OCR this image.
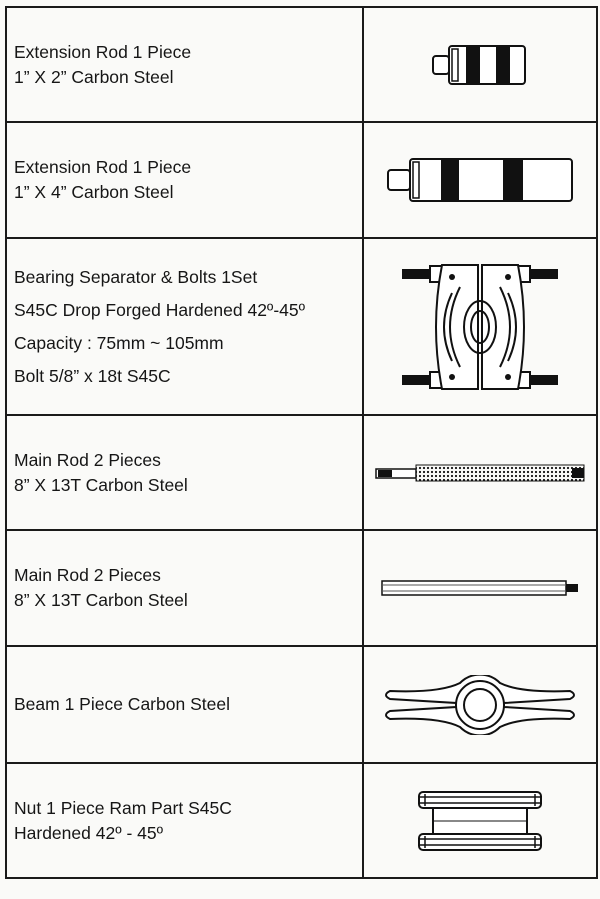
Extension Rod 1 Piece
1” X 2” Carbon Steel

Extension Rod 1 Piece
1” X 4” Carbon Steel

Bearing Separator & Bolts 1Set
S45C Drop Forged Hardened 42º-45º
Capacity : 75mm ~ 105mm
Bolt 5/8” x 18t S45C

Main Rod 2 Pieces
8” X 13T Carbon Steel

Main Rod 2 Pieces
8” X 13T Carbon Steel

Beam 1 Piece Carbon Steel

Nut 1 Piece Ram Part S45C
Hardened 42º - 45º
